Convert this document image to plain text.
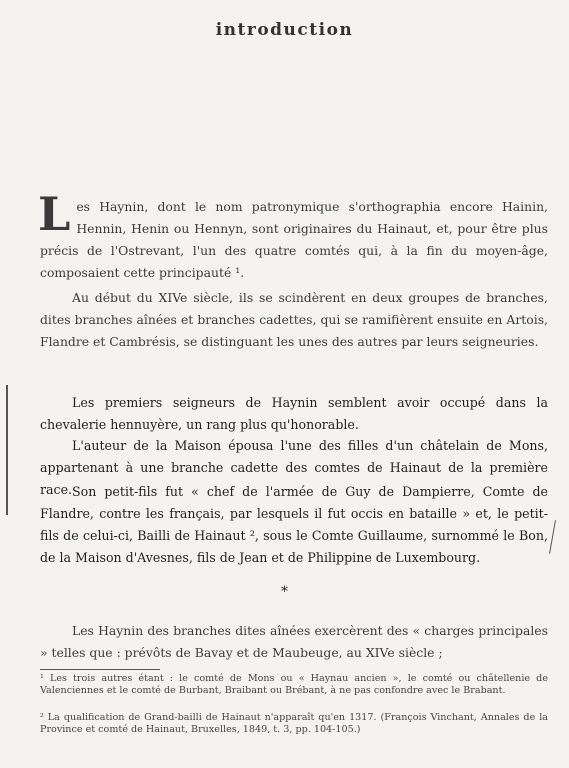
introduction

L es Haynin, dont le nom patronymique s'orthographia encore Hainin, Hennin, Henin ou Hennyn, sont originaires du Hainaut, et, pour être plus précis de l'Ostrevant, l'un des quatre comtés qui, à la fin du moyen-âge, composaient cette principauté ¹.

Au début du XIVe siècle, ils se scindèrent en deux groupes de branches, dites branches aînées et branches cadettes, qui se ramifièrent ensuite en Artois, Flandre et Cambrésis, se distinguant les unes des autres par leurs seigneuries.

Les premiers seigneurs de Haynin semblent avoir occupé dans la chevalerie hennuyère, un rang plus qu'honorable.

L'auteur de la Maison épousa l'une des filles d'un châtelain de Mons, appartenant à une branche cadette des comtes de Hainaut de la première race. Son petit-fils fut « chef de l'armée de Guy de Dampierre, Comte de Flandre, contre les français, par lesquels il fut occis en bataille » et, le petit-fils de celui-ci, Bailli de Hainaut ², sous le Comte Guillaume, surnommé le Bon, de la Maison d'Avesnes, fils de Jean et de Philippine de Luxembourg.

*

Les Haynin des branches dites aînées exercèrent des « charges principales » telles que : prévôts de Bavay et de Maubeuge, au XIVe siècle ;

¹ Les trois autres étant : le comté de Mons ou « Haynau ancien », le comté ou châtellenie de Valenciennes et le comté de Burbant, Braibant ou Brébant, à ne pas confondre avec le Brabant.

² La qualification de Grand-bailli de Hainaut n'apparaît qu'en 1317. (François Vinchant, Annales de la Province et comté de Hainaut, Bruxelles, 1849, t. 3, pp. 104-105.)
